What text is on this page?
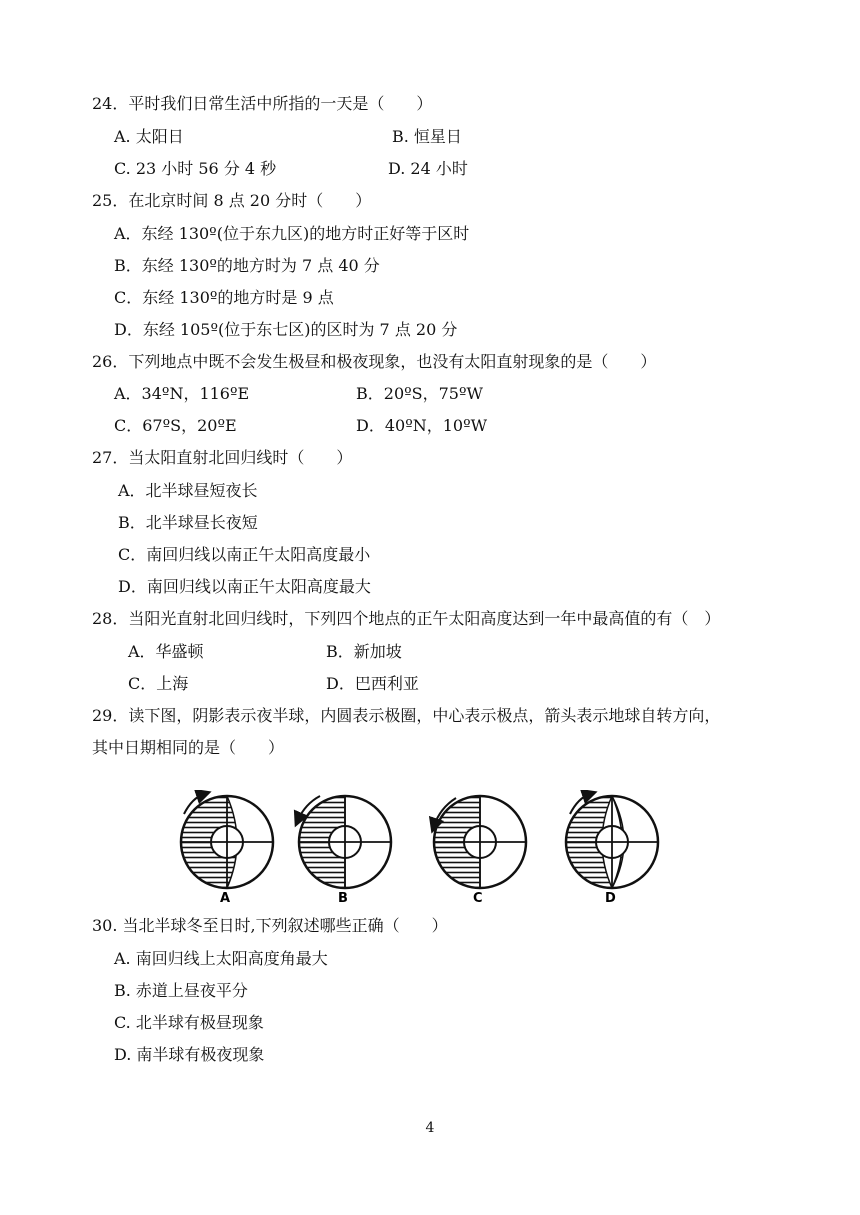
24．平时我们日常生活中所指的一天是（　　）
A. 太阳日	B. 恒星日
C. 23 小时 56 分 4 秒	D. 24 小时
25．在北京时间 8 点 20 分时（　　）
A．东经 130º(位于东九区)的地方时正好等于区时
B．东经 130º的地方时为 7 点 40 分
C．东经 130º的地方时是 9 点
D．东经 105º(位于东七区)的区时为 7 点 20 分
26．下列地点中既不会发生极昼和极夜现象，也没有太阳直射现象的是（　　）
A．34ºN，116ºE	B．20ºS，75ºW
C．67ºS，20ºE	D．40ºN，10ºW
27．当太阳直射北回归线时（　　）
A．北半球昼短夜长
B．北半球昼长夜短
C．南回归线以南正午太阳高度最小
D．南回归线以南正午太阳高度最大
28．当阳光直射北回归线时，下列四个地点的正午太阳高度达到一年中最高值的有（　）
A．华盛顿	B．新加坡
C．上海	D．巴西利亚
29．读下图，阴影表示夜半球，内圆表示极圈，中心表示极点，箭头表示地球自转方向，
其中日期相同的是（　　）
A	B	C	D
30. 当北半球冬至日时,下列叙述哪些正确（　　）
A. 南回归线上太阳高度角最大
B. 赤道上昼夜平分
C. 北半球有极昼现象
D. 南半球有极夜现象
4
